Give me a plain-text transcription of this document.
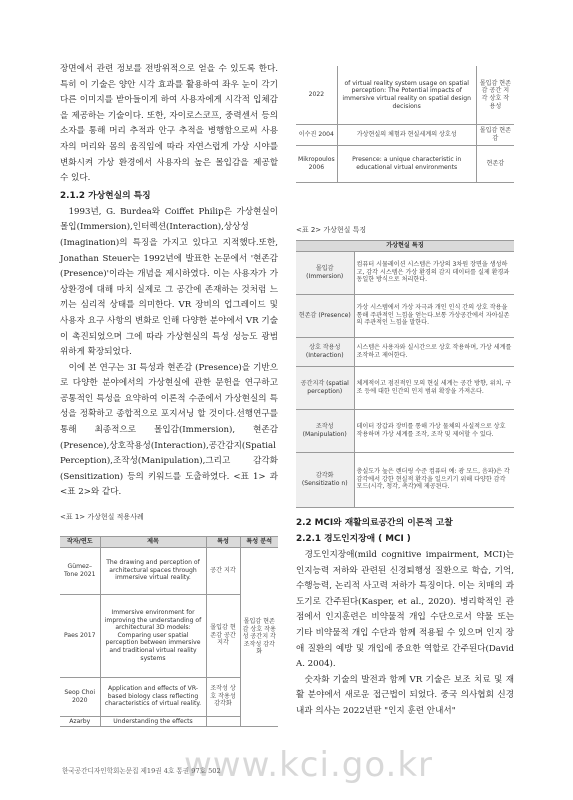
장면에서 관련 정보를 전방위적으로 얻을 수 있도록 한다. 특히 이 기술은 양안 시각 효과를 활용하여 좌우 눈이 각기 다른 이미지를 받아들이게 하여 사용자에게 시각적 입체감을 제공하는 기술이다. 또한, 자이로스코프, 중력센서 등의 소자를 통해 머리 추적과 안구 추적을 병행함으로써 사용자의 머리와 몸의 움직임에 따라 자연스럽게 가상 시야를 변화시켜 가상 환경에서 사용자의 높은 몰입감을 제공할 수 있다.

2.1.2 가상현실의 특징

1993년, G. Burdea와 Coiffet Philip은 가상현실이 몰입(Immersion),인터렉션(Interaction),상상성(Imagination)의 특징을 가지고 있다고 지적했다.또한, Jonathan Steuer는 1992년에 발표한 논문에서 '현존감(Presence)'이라는 개념을 제시하였다. 이는 사용자가 가상환경에 대해 마치 실제로 그 공간에 존재하는 것처럼 느끼는 심리적 상태를 의미한다. VR 장비의 업그레이드 및 사용자 요구 사항의 변화로 인해 다양한 분야에서 VR 기술이 촉진되었으며 그에 따라 가상현실의 특성 성능도 광범위하게 확장되었다.

이에 본 연구는 3I 특성과 현존감 (Presence)을 기반으로 다양한 분야에서의 가상현실에 관한 문헌을 연구하고 공통적인 특성을 요약하여 이론적 수준에서 가상현실의 특성을 정확하고 종합적으로 포지셔닝 할 것이다.선행연구를 통해 최종적으로 몰입감(Immersion), 현존감(Presence),상호작용성(Interaction),공간감지(Spatial Perception),조작성(Manipulation),그리고 감각화(Sensitization) 등의 키워드를 도출하였다. <표 1> 과 <표 2>와 같다.

<표 1> 가상현실 적용사례
작자/연도	제목	특성	특성 분석
Gümez–Tone 2021	The drawing and perception of architectural spaces through immersive virtual reality.	공간 지각	몰입감 현존감 상호 작용성 공간지 각 조작성 감각화
Paes 2017	Immersive environment for improving the understanding of architectural 3D models: Comparing user spatial perception between immersive and traditional virtual reality systems	몰입감 현존감 공간 지각	
Seop Choi 2020	Application and effects of VR-based biology class reflecting characteristics of virtual reality.	조작성 상호 작용성 감각화	
Azarby	Understanding the effects		
2022	of virtual reality system usage on spatial perception: The Potential impacts of immersive virtual reality on spatial design decisions	몰입감 현존감 공간 지각 상호 작용성
이수진 2004	가상현실의 체험과 현실세계의 상호성	몰입감 현존감
Mikropoulos 2006	Presence: a unique characteristic in educational virtual environments	현존감
<표 2> 가상현실 특징
가상현실 특징	
몰입감 (Immersion)	컴퓨터 시뮬레이션 시스템은 가상의 3차원 장면을 생성하고, 감각 시스템은 가상 환경의 감지 데이터를 실제 환경과 동일한 방식으로 처리한다.
현존감 (Presence)	가상 시스템에서 가상 자극과 개인 인식 간의 상호 작용을 통해 주관적인 느낌을 얻는다.보통 가상공간에서 자아실존의 주관적인 느낌을 말한다.
상호 작용성 (Interaction)	시스템은 사용자와 실시간으로 상호 작용하며, 가상 세계를 조작하고 제어한다.
공간지각 (spatial perception)	체계적이고 점진적인 모의 현실 세계는 공간 방향, 위치, 구조 등에 대한 인간의 인지 범위 확장을 가져온다.
조작성 (Manipulation)	데이터 장갑과 장비를 통해 가상 물체의 사실적으로 상호 작용하며 가상 세계를 조작, 조작 및 제어할 수 있다.
감각화 (Sensitizatio n)	충실도가 높은 렌더링 수준 컴퓨터 예: 광 모드, 음파)은 각 감각에서 강한 현실적 환각을 일으키기 위해 다양한 감각 모드(시각, 청각, 촉각)에 제공된다.
2.2 MCI와 재활의료공간의 이론적 고찰
2.2.1 경도인지장애 ( MCI )

경도인지장애(mild cognitive impairment, MCI)는 인지능력 저하와 관련된 신경퇴행성 질환으로 학습, 기억, 수행능력, 논리적 사고력 저하가 특징이다. 이는 치매의 과도기로 간주된다(Kasper, et al., 2020). 병리학적인 관점에서 인지훈련은 비약물적 개입 수단으로서 약물 또는 기타 비약물적 개입 수단과 함께 적용될 수 있으며 인지 장애 질환의 예방 및 개입에 중요한 역할로 간주된다(David A. 2004).

숫자화 기술의 발전과 함께 VR 기술은 보조 치료 및 재활 분야에서 새로운 접근법이 되었다. 중국 의사협회 신경 내과 의사는 2022년판 "인지 훈련 안내서"

www.kci.go.kr
한국공간디자인학회논문집 제19권 4호 통권 97호 502
